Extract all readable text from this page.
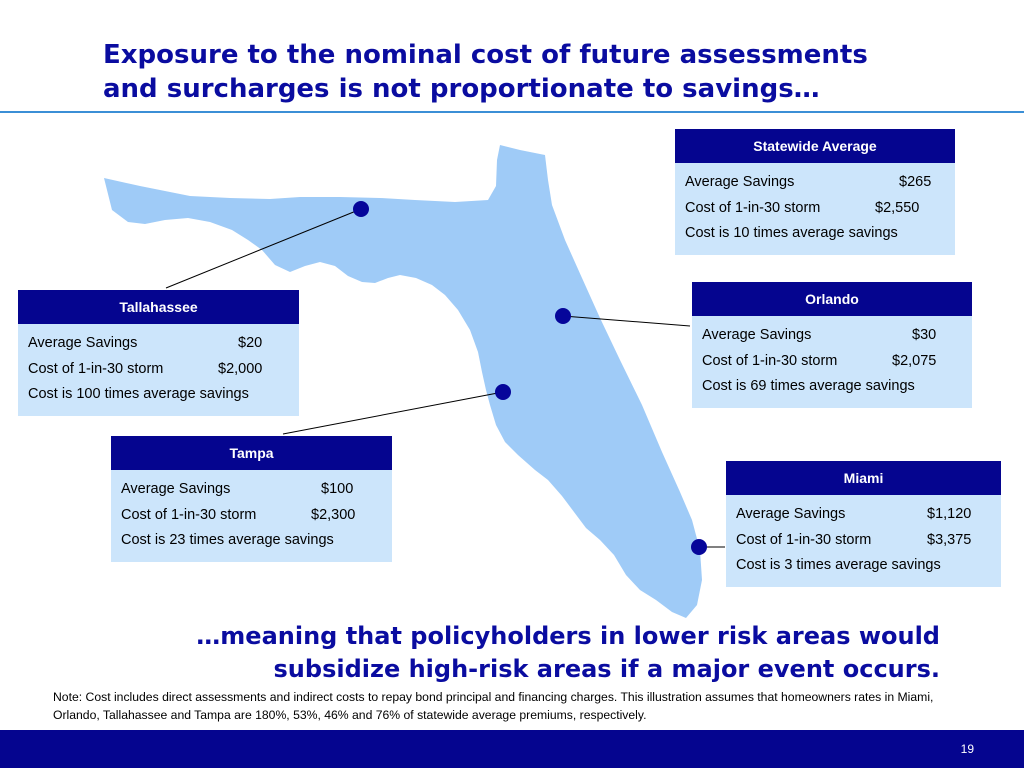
Exposure to the nominal cost of future assessments
and surcharges is not proportionate to savings…
Statewide Average
Average Savings	$265
Cost of 1-in-30 storm	$2,550
Cost is 10 times average savings
Tallahassee
Average Savings	$20
Cost of 1-in-30 storm	$2,000
Cost is 100 times average savings
Orlando
Average Savings	$30
Cost of 1-in-30 storm	$2,075
Cost is 69 times average savings
Tampa
Average Savings	$100
Cost of 1-in-30 storm	$2,300
Cost is 23 times average savings
Miami
Average Savings	$1,120
Cost of 1-in-30 storm	$3,375
Cost is 3 times average savings
…meaning that policyholders in lower risk areas would
subsidize high-risk areas if a major event occurs.
Note: Cost includes direct assessments and indirect costs to repay bond principal and financing charges. This illustration assumes that homeowners rates in Miami, Orlando, Tallahassee and Tampa are 180%, 53%, 46% and 76% of statewide average premiums, respectively.
19
